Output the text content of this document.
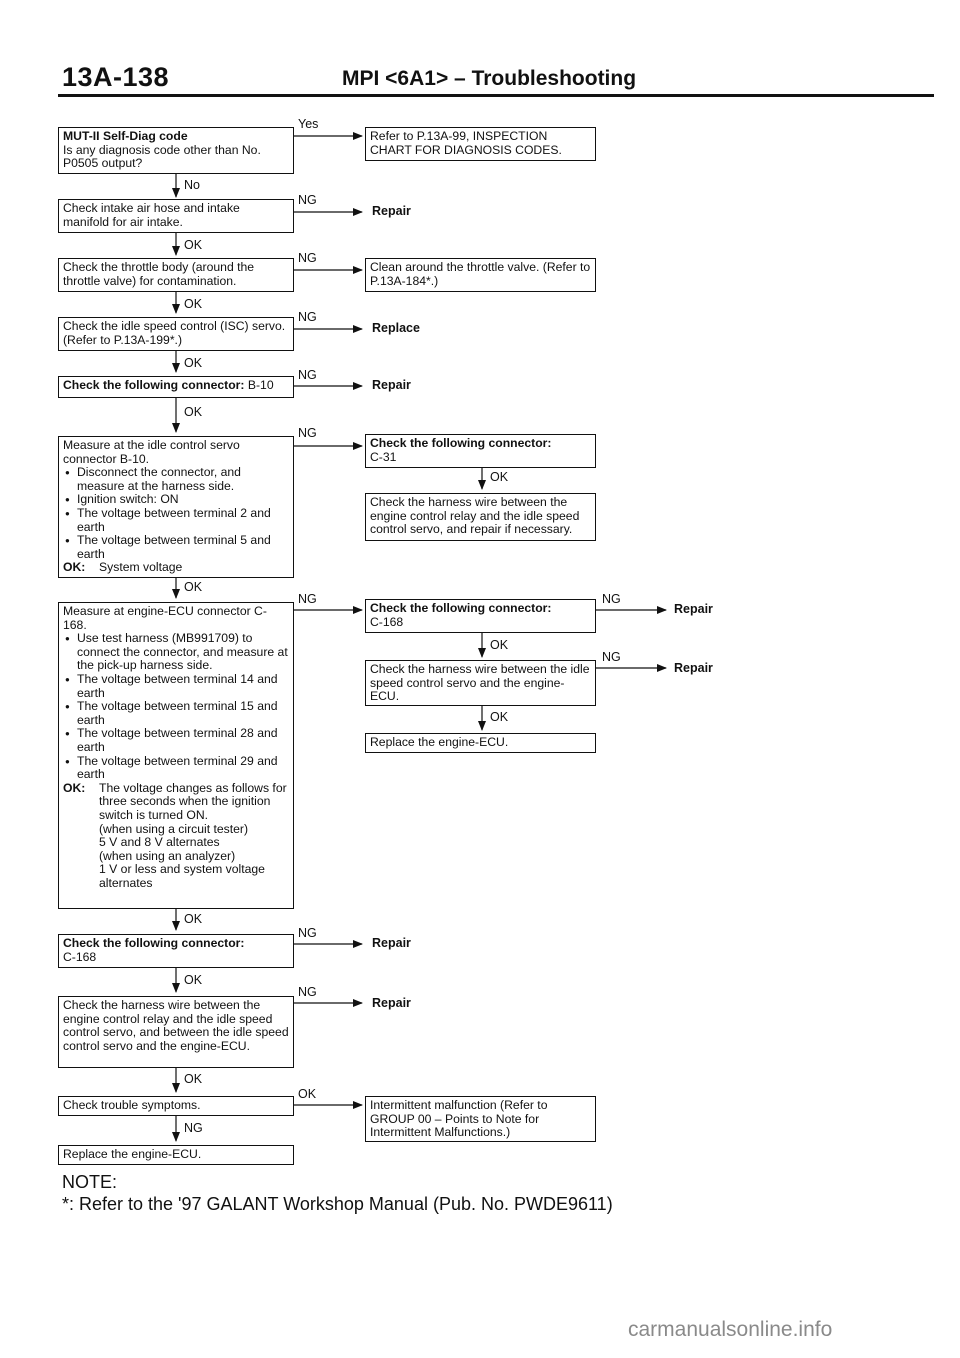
13A-138	MPI <6A1> – Troubleshooting
MUT-II Self-Diag code
Is any diagnosis code other than No. P0505 output?
Check intake air hose and intake manifold for air intake.
Check the throttle body (around the throttle valve) for contamination.
Check the idle speed control (ISC) servo. (Refer to P.13A-199*.)
Check the following connector: B-10
Measure at the idle control servo connector B-10.
● Disconnect the connector, and measure at the harness side.
● Ignition switch: ON
● The voltage between terminal 2 and earth
● The voltage between terminal 5 and earth
OK:	System voltage
Measure at engine-ECU connector C-168.
● Use test harness (MB991709) to connect the connector, and measure at the pick-up harness side.
● The voltage between terminal 14 and earth
● The voltage between terminal 15 and earth
● The voltage between terminal 28 and earth
● The voltage between terminal 29 and earth
OK:	The voltage changes as follows for three seconds when the ignition switch is turned ON.
(when using a circuit tester)
5 V and 8 V alternates
(when using an analyzer)
1 V or less and system voltage alternates
Check the following connector:
C-168
Check the harness wire between the engine control relay and the idle speed control servo, and between the idle speed control servo and the engine-ECU.
Check trouble symptoms.
Replace the engine-ECU.
Refer to P.13A-99, INSPECTION CHART FOR DIAGNOSIS CODES.
Clean around the throttle valve. (Refer to P.13A-184*.)
Check the following connector:
C-31
Check the harness wire between the engine control relay and the idle speed control servo, and repair if necessary.
Check the following connector:
C-168
Check the harness wire between the idle speed control servo and the engine-ECU.
Replace the engine-ECU.
Intermittent malfunction (Refer to GROUP 00 – Points to Note for Intermittent Malfunctions.)
Repair
Replace
Repair
Repair
Repair
Repair
Repair
Yes
No
NG
OK
NG
OK
NG
OK
NG
OK
NG
OK
OK
NG	NG
OK
NG
OK
OK
NG
OK
NG
OK
OK
NG
NOTE:
*: Refer to the '97 GALANT Workshop Manual (Pub. No. PWDE9611)
carmanualsonline.info
